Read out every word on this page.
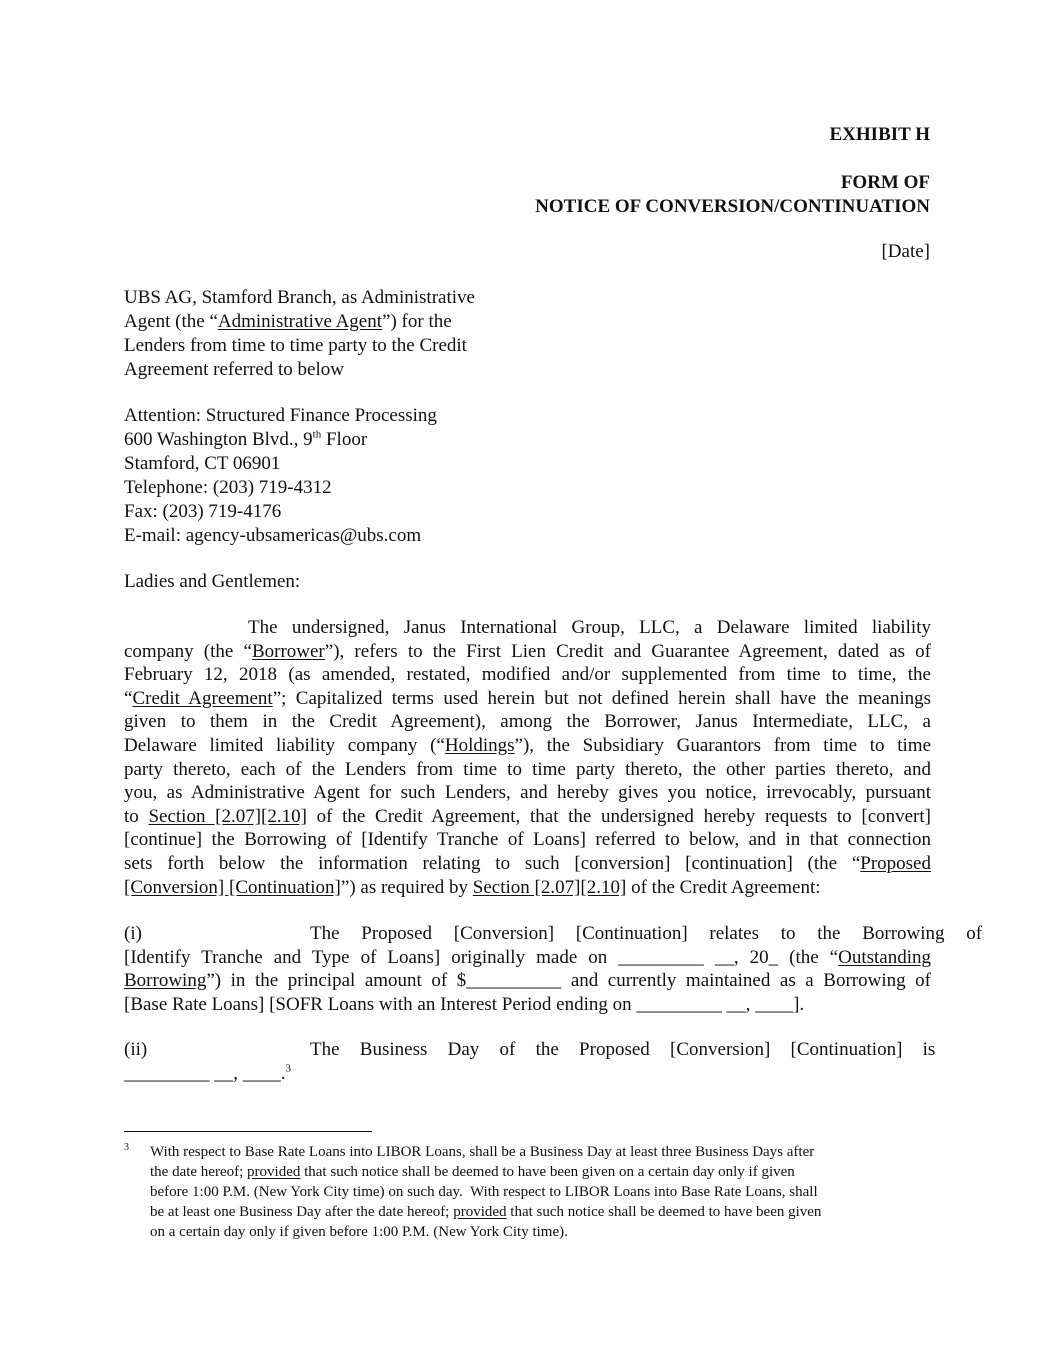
EXHIBIT H
FORM OF
NOTICE OF CONVERSION/CONTINUATION
[Date]
UBS AG, Stamford Branch, as Administrative
Agent (the “Administrative Agent”) for the
Lenders from time to time party to the Credit
Agreement referred to below
Attention: Structured Finance Processing
600 Washington Blvd., 9th Floor
Stamford, CT 06901
Telephone: (203) 719-4312
Fax: (203) 719-4176
E-mail: agency-ubsamericas@ubs.com
Ladies and Gentlemen:
The undersigned, Janus International Group, LLC, a Delaware limited liability
company (the “Borrower”), refers to the First Lien Credit and Guarantee Agreement, dated as of
February 12, 2018 (as amended, restated, modified and/or supplemented from time to time, the
“Credit Agreement”; Capitalized terms used herein but not defined herein shall have the meanings
given to them in the Credit Agreement), among the Borrower, Janus Intermediate, LLC, a
Delaware limited liability company (“Holdings”), the Subsidiary Guarantors from time to time
party thereto, each of the Lenders from time to time party thereto, the other parties thereto, and
you, as Administrative Agent for such Lenders, and hereby gives you notice, irrevocably, pursuant
to Section [2.07][2.10] of the Credit Agreement, that the undersigned hereby requests to [convert]
[continue] the Borrowing of [Identify Tranche of Loans] referred to below, and in that connection
sets forth below the information relating to such [conversion] [continuation] (the “Proposed
[Conversion] [Continuation]”) as required by Section [2.07][2.10] of the Credit Agreement:
(i)	The Proposed [Conversion] [Continuation] relates to the Borrowing of
[Identify Tranche and Type of Loans] originally made on _________ __, 20_ (the “Outstanding
Borrowing”) in the principal amount of $__________ and currently maintained as a Borrowing of
[Base Rate Loans] [SOFR Loans with an Interest Period ending on _________ __, ____].
(ii)	The Business Day of the Proposed [Conversion] [Continuation] is
_________ __, ____.$^3$
3 With respect to Base Rate Loans into LIBOR Loans, shall be a Business Day at least three Business Days after
the date hereof; provided that such notice shall be deemed to have been given on a certain day only if given
before 1:00 P.M. (New York City time) on such day.  With respect to LIBOR Loans into Base Rate Loans, shall
be at least one Business Day after the date hereof; provided that such notice shall be deemed to have been given
on a certain day only if given before 1:00 P.M. (New York City time).
